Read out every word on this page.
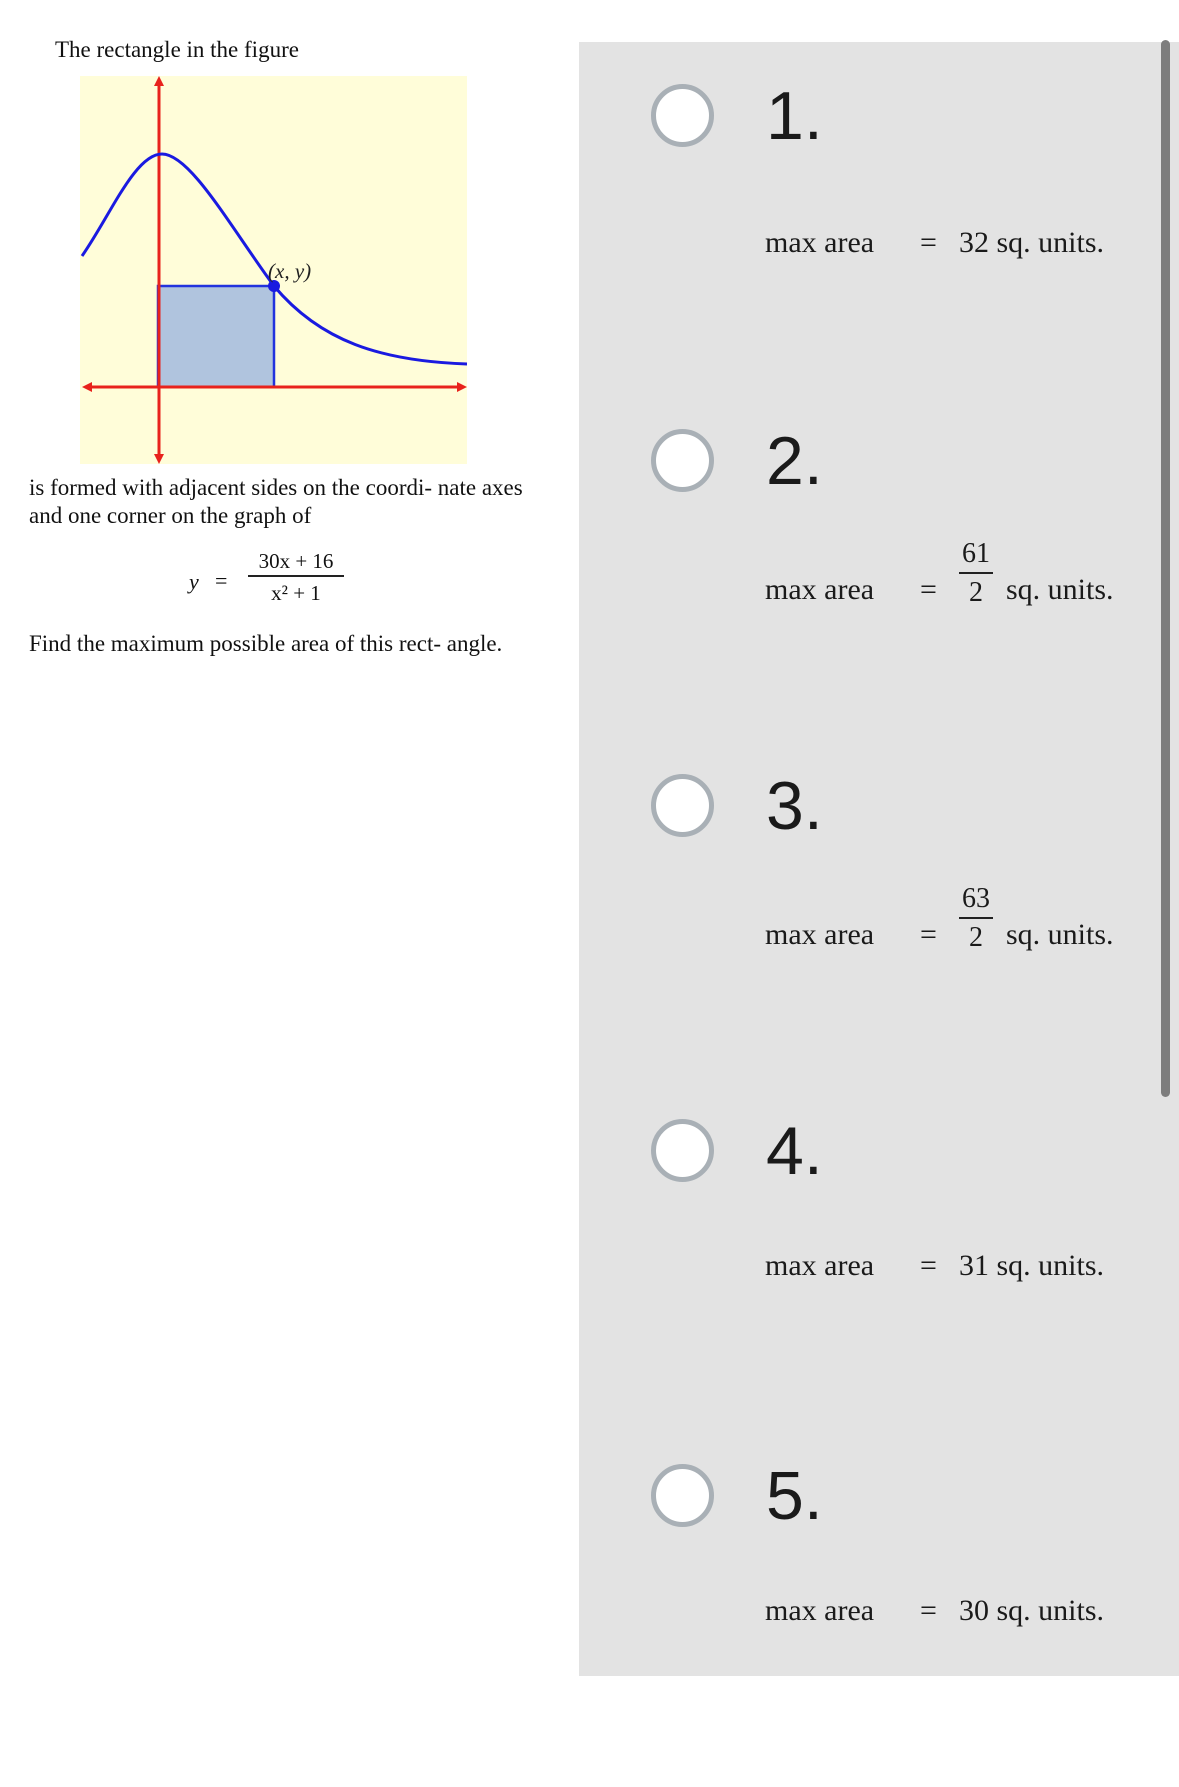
The rectangle in the figure
(x, y)
is formed with adjacent sides on the coordi- nate axes and one corner on the graph of
y =
30x + 16
x² + 1
Find the maximum possible area of this rect- angle.
1.
max area = 32 sq. units.
2.
max area =
61
2 sq. units.
3.
max area =
63
2 sq. units.
4.
max area = 31 sq. units.
5.
max area = 30 sq. units.
